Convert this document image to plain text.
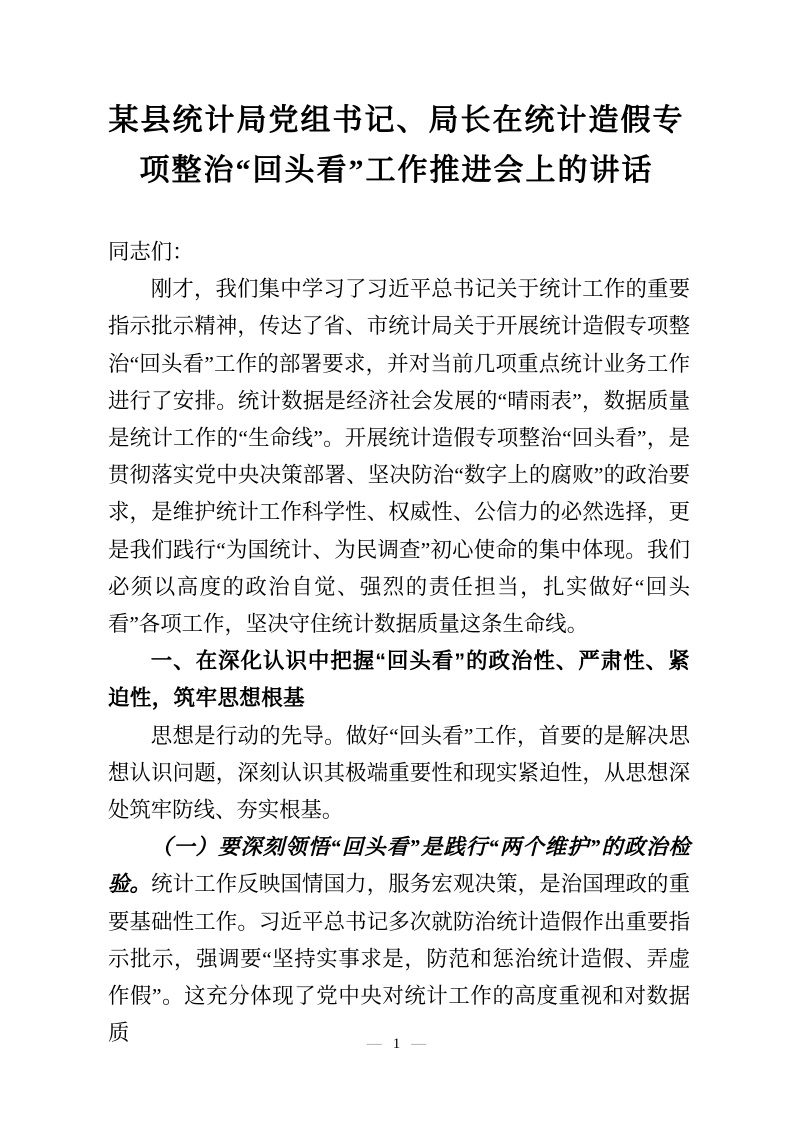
某县统计局党组书记、局长在统计造假专项整治“回头看”工作推进会上的讲话

同志们：

刚才，我们集中学习了习近平总书记关于统计工作的重要指示批示精神，传达了省、市统计局关于开展统计造假专项整治“回头看”工作的部署要求，并对当前几项重点统计业务工作进行了安排。统计数据是经济社会发展的“晴雨表”，数据质量是统计工作的“生命线”。开展统计造假专项整治“回头看”，是贯彻落实党中央决策部署、坚决防治“数字上的腐败”的政治要求，是维护统计工作科学性、权威性、公信力的必然选择，更是我们践行“为国统计、为民调查”初心使命的集中体现。我们必须以高度的政治自觉、强烈的责任担当，扎实做好“回头看”各项工作，坚决守住统计数据质量这条生命线。

一、在深化认识中把握“回头看”的政治性、严肃性、紧迫性，筑牢思想根基

思想是行动的先导。做好“回头看”工作，首要的是解决思想认识问题，深刻认识其极端重要性和现实紧迫性，从思想深处筑牢防线、夯实根基。

（一）要深刻领悟“回头看”是践行“两个维护”的政治检验。统计工作反映国情国力，服务宏观决策，是治国理政的重要基础性工作。习近平总书记多次就防治统计造假作出重要指示批示，强调要“坚持实事求是，防范和惩治统计造假、弄虚作假”。这充分体现了党中央对统计工作的高度重视和对数据质	— 1 —
